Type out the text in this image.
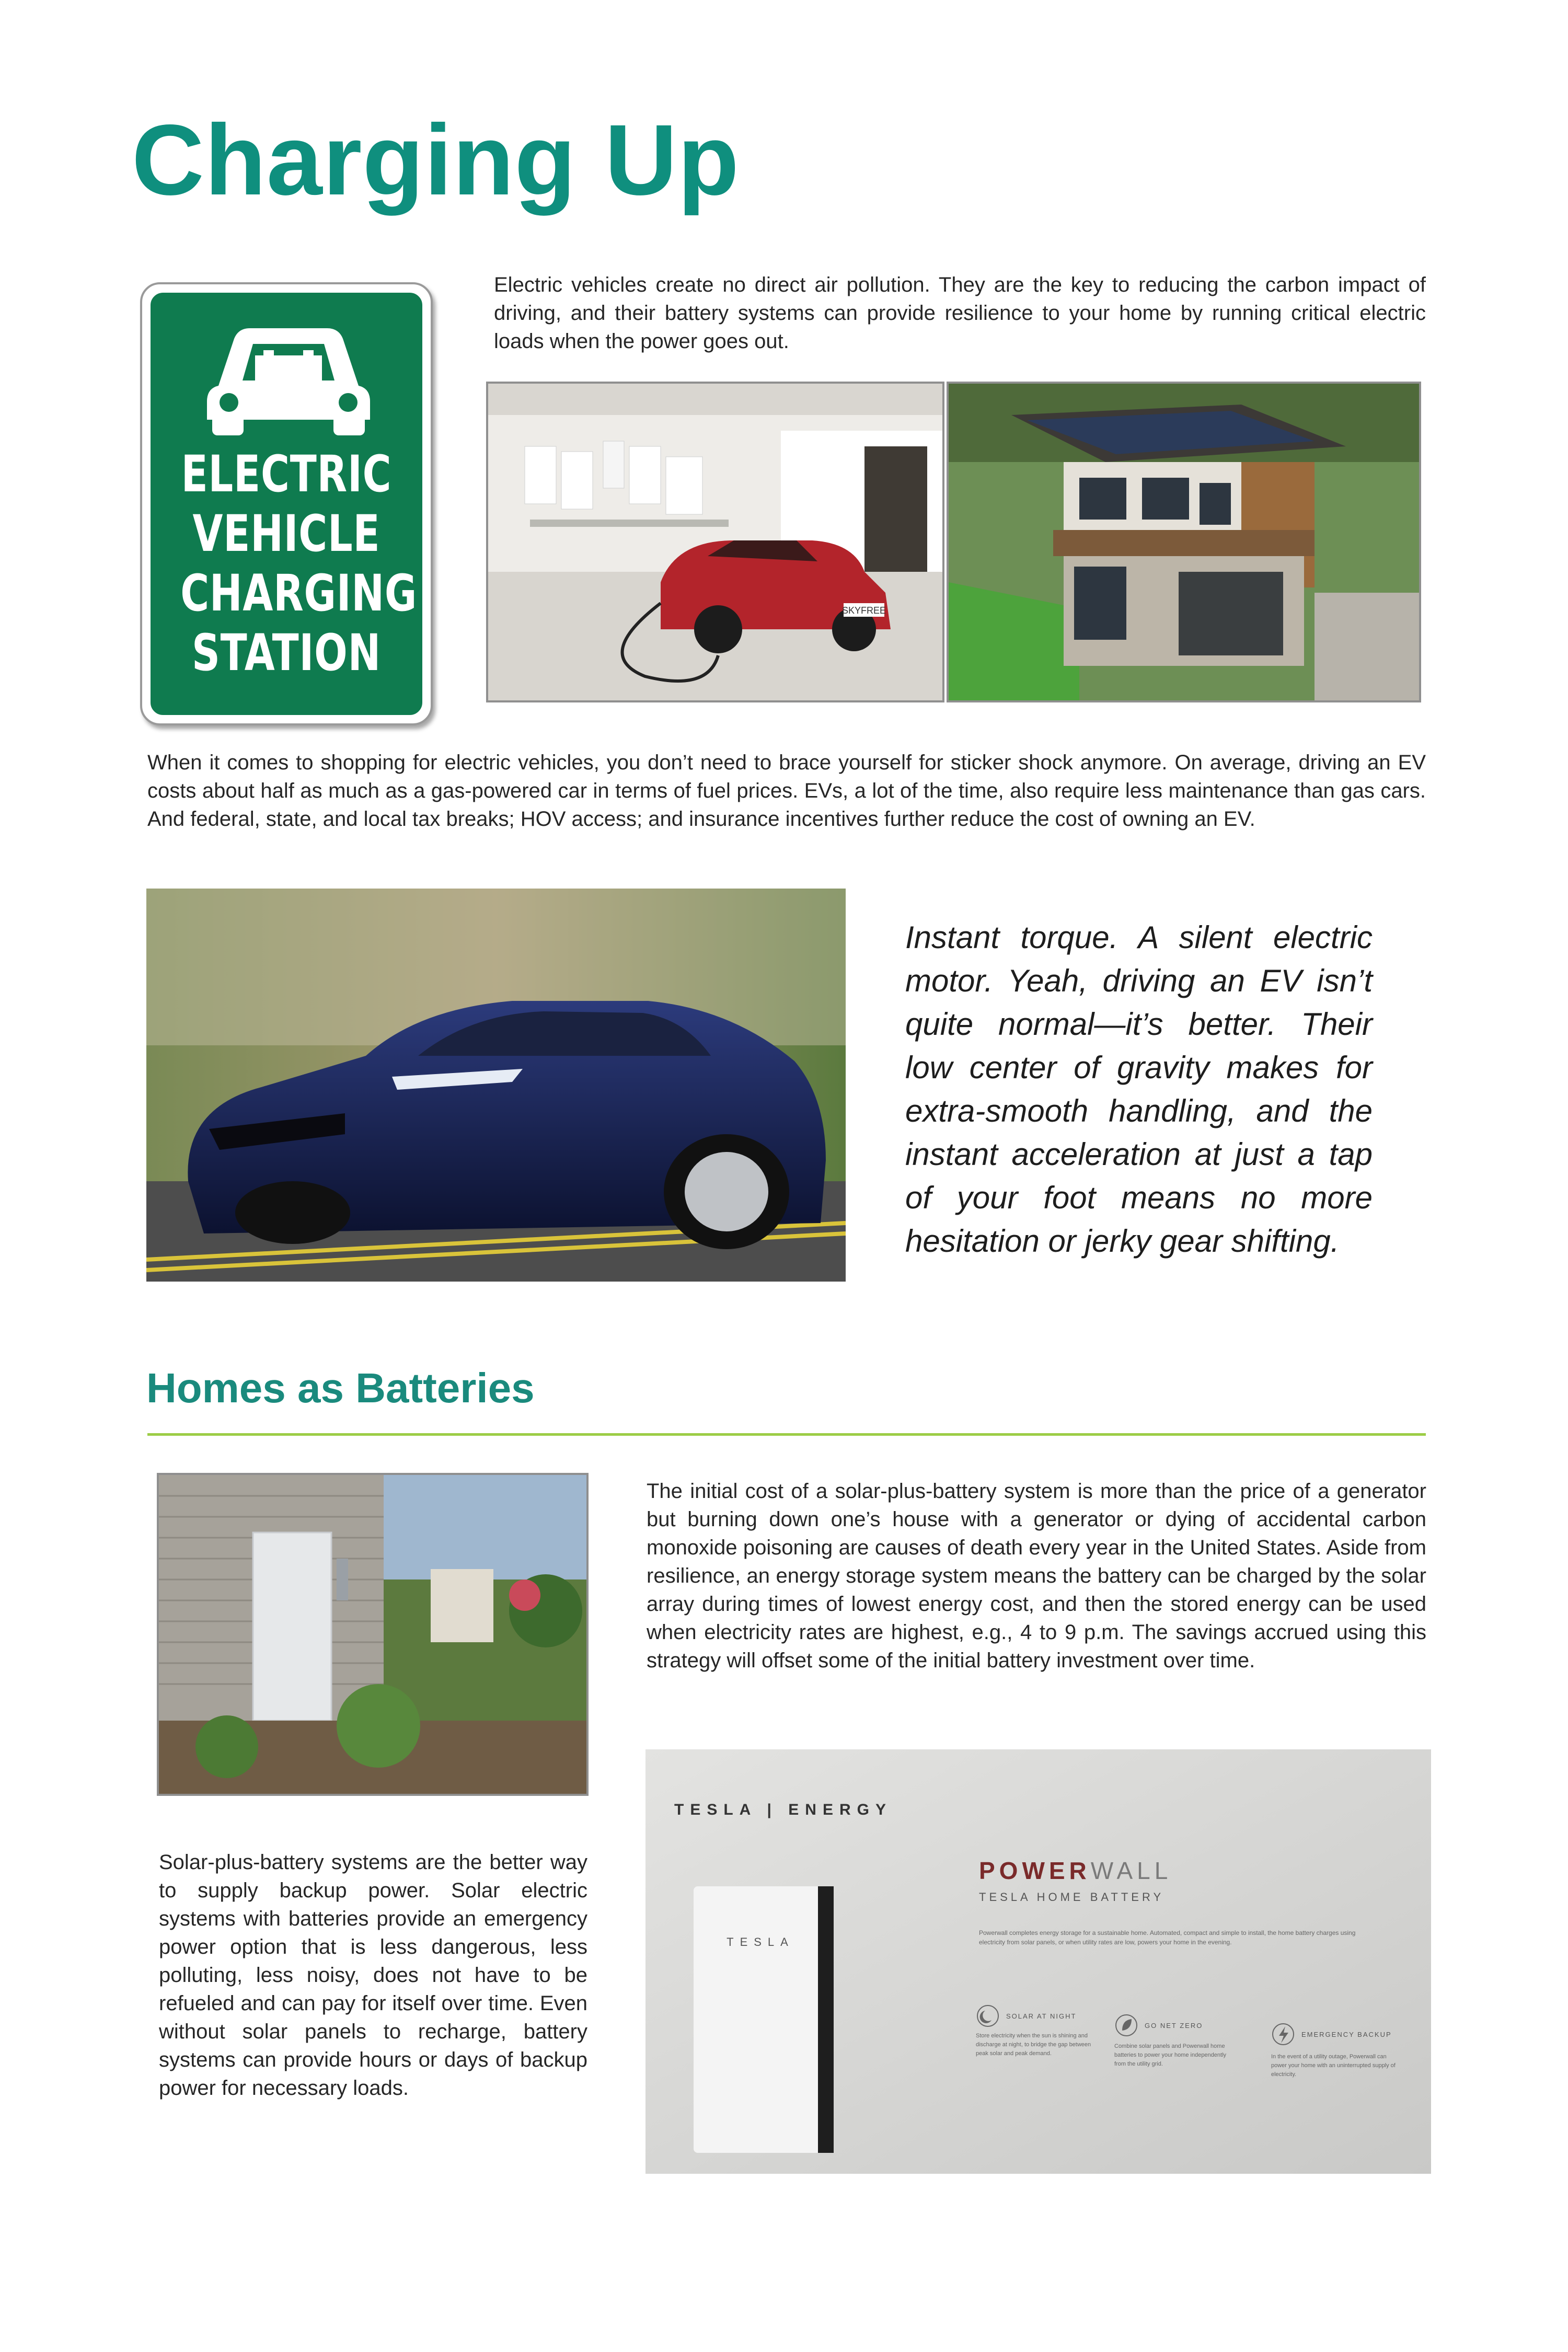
Charging Up
ELECTRIC
VEHICLE
CHARGING
STATION

Electric vehicles create no direct air pollution. They are the key to reducing the carbon impact of driving, and their battery systems can provide resilience to your home by running critical electric loads when the power goes out.

SKYFREE

When it comes to shopping for electric vehicles, you don’t need to brace yourself for sticker shock anymore. On average, driving an EV costs about half as much as a gas-powered car in terms of fuel prices. EVs, a lot of the time, also require less maintenance than gas cars. And federal, state, and local tax breaks; HOV access; and insurance incentives further reduce the cost of owning an EV.

Instant torque. A silent electric motor. Yeah, driving an EV isn’t quite normal—it’s better. Their low center of gravity makes for extra-smooth handling, and the instant acceleration at just a tap of your foot means no more hesitation or jerky gear shifting.

Homes as Batteries

The initial cost of a solar-plus-battery system is more than the price of a generator but burning down one’s house with a generator or dying of accidental carbon monoxide poisoning are causes of death every year in the United States. Aside from resilience, an energy storage system means the battery can be charged by the solar array during times of lowest energy cost, and then the stored energy can be used when electricity rates are highest, e.g., 4 to 9 p.m. The savings accrued using this strategy will offset some of the initial battery investment over time.

Solar-plus-battery systems are the better way to supply backup power. Solar electric systems with batteries provide an emergency power option that is less dangerous, less polluting, less noisy, does not have to be refueled and can pay for itself over time. Even without solar panels to recharge, battery systems can provide hours or days of backup power for necessary loads.

TESLA | ENERGY
TESLA
POWERWALL
TESLA HOME BATTERY
Powerwall completes energy storage for a sustainable home. Automated, compact and simple to install, the home battery charges using electricity from solar panels, or when utility rates are low, powers your home in the evening.
SOLAR AT NIGHT
Store electricity when the sun is shining and discharge at night, to bridge the gap between peak solar and peak demand.
GO NET ZERO
Combine solar panels and Powerwall home batteries to power your home independently from the utility grid.
EMERGENCY BACKUP
In the event of a utility outage, Powerwall can power your home with an uninterrupted supply of electricity.
